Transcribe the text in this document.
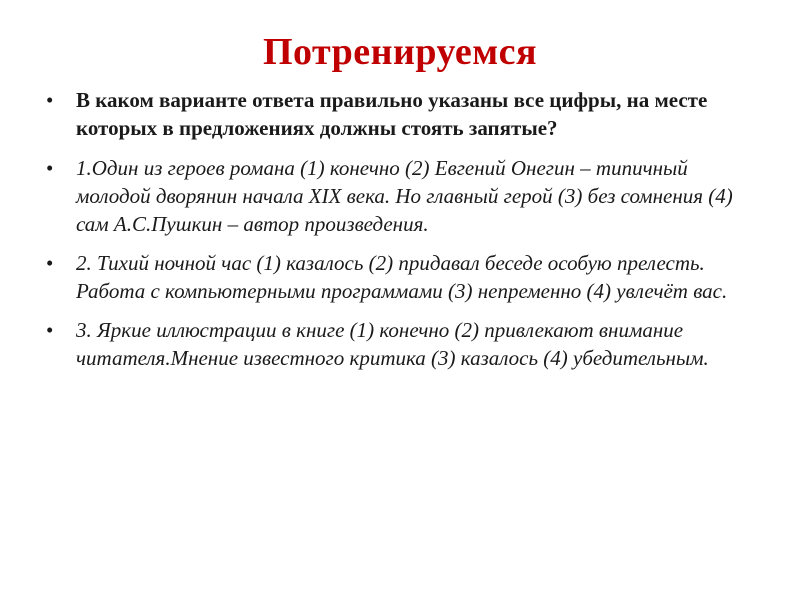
Потренируемся
• В каком варианте ответа правильно указаны все цифры, на месте которых в предложениях должны стоять запятые?
• 1.Один из героев романа (1) конечно (2) Евгений Онегин – типичный молодой дворянин начала XIX века. Но главный герой (3) без сомнения (4) сам А.С.Пушкин – автор произведения.
• 2. Тихий ночной час (1) казалось (2) придавал беседе особую прелесть. Работа с компьютерными программами (3) непременно (4) увлечёт вас.
• 3. Яркие иллюстрации в книге (1) конечно (2) привлекают внимание читателя.Мнение известного критика (3) казалось (4) убедительным.
